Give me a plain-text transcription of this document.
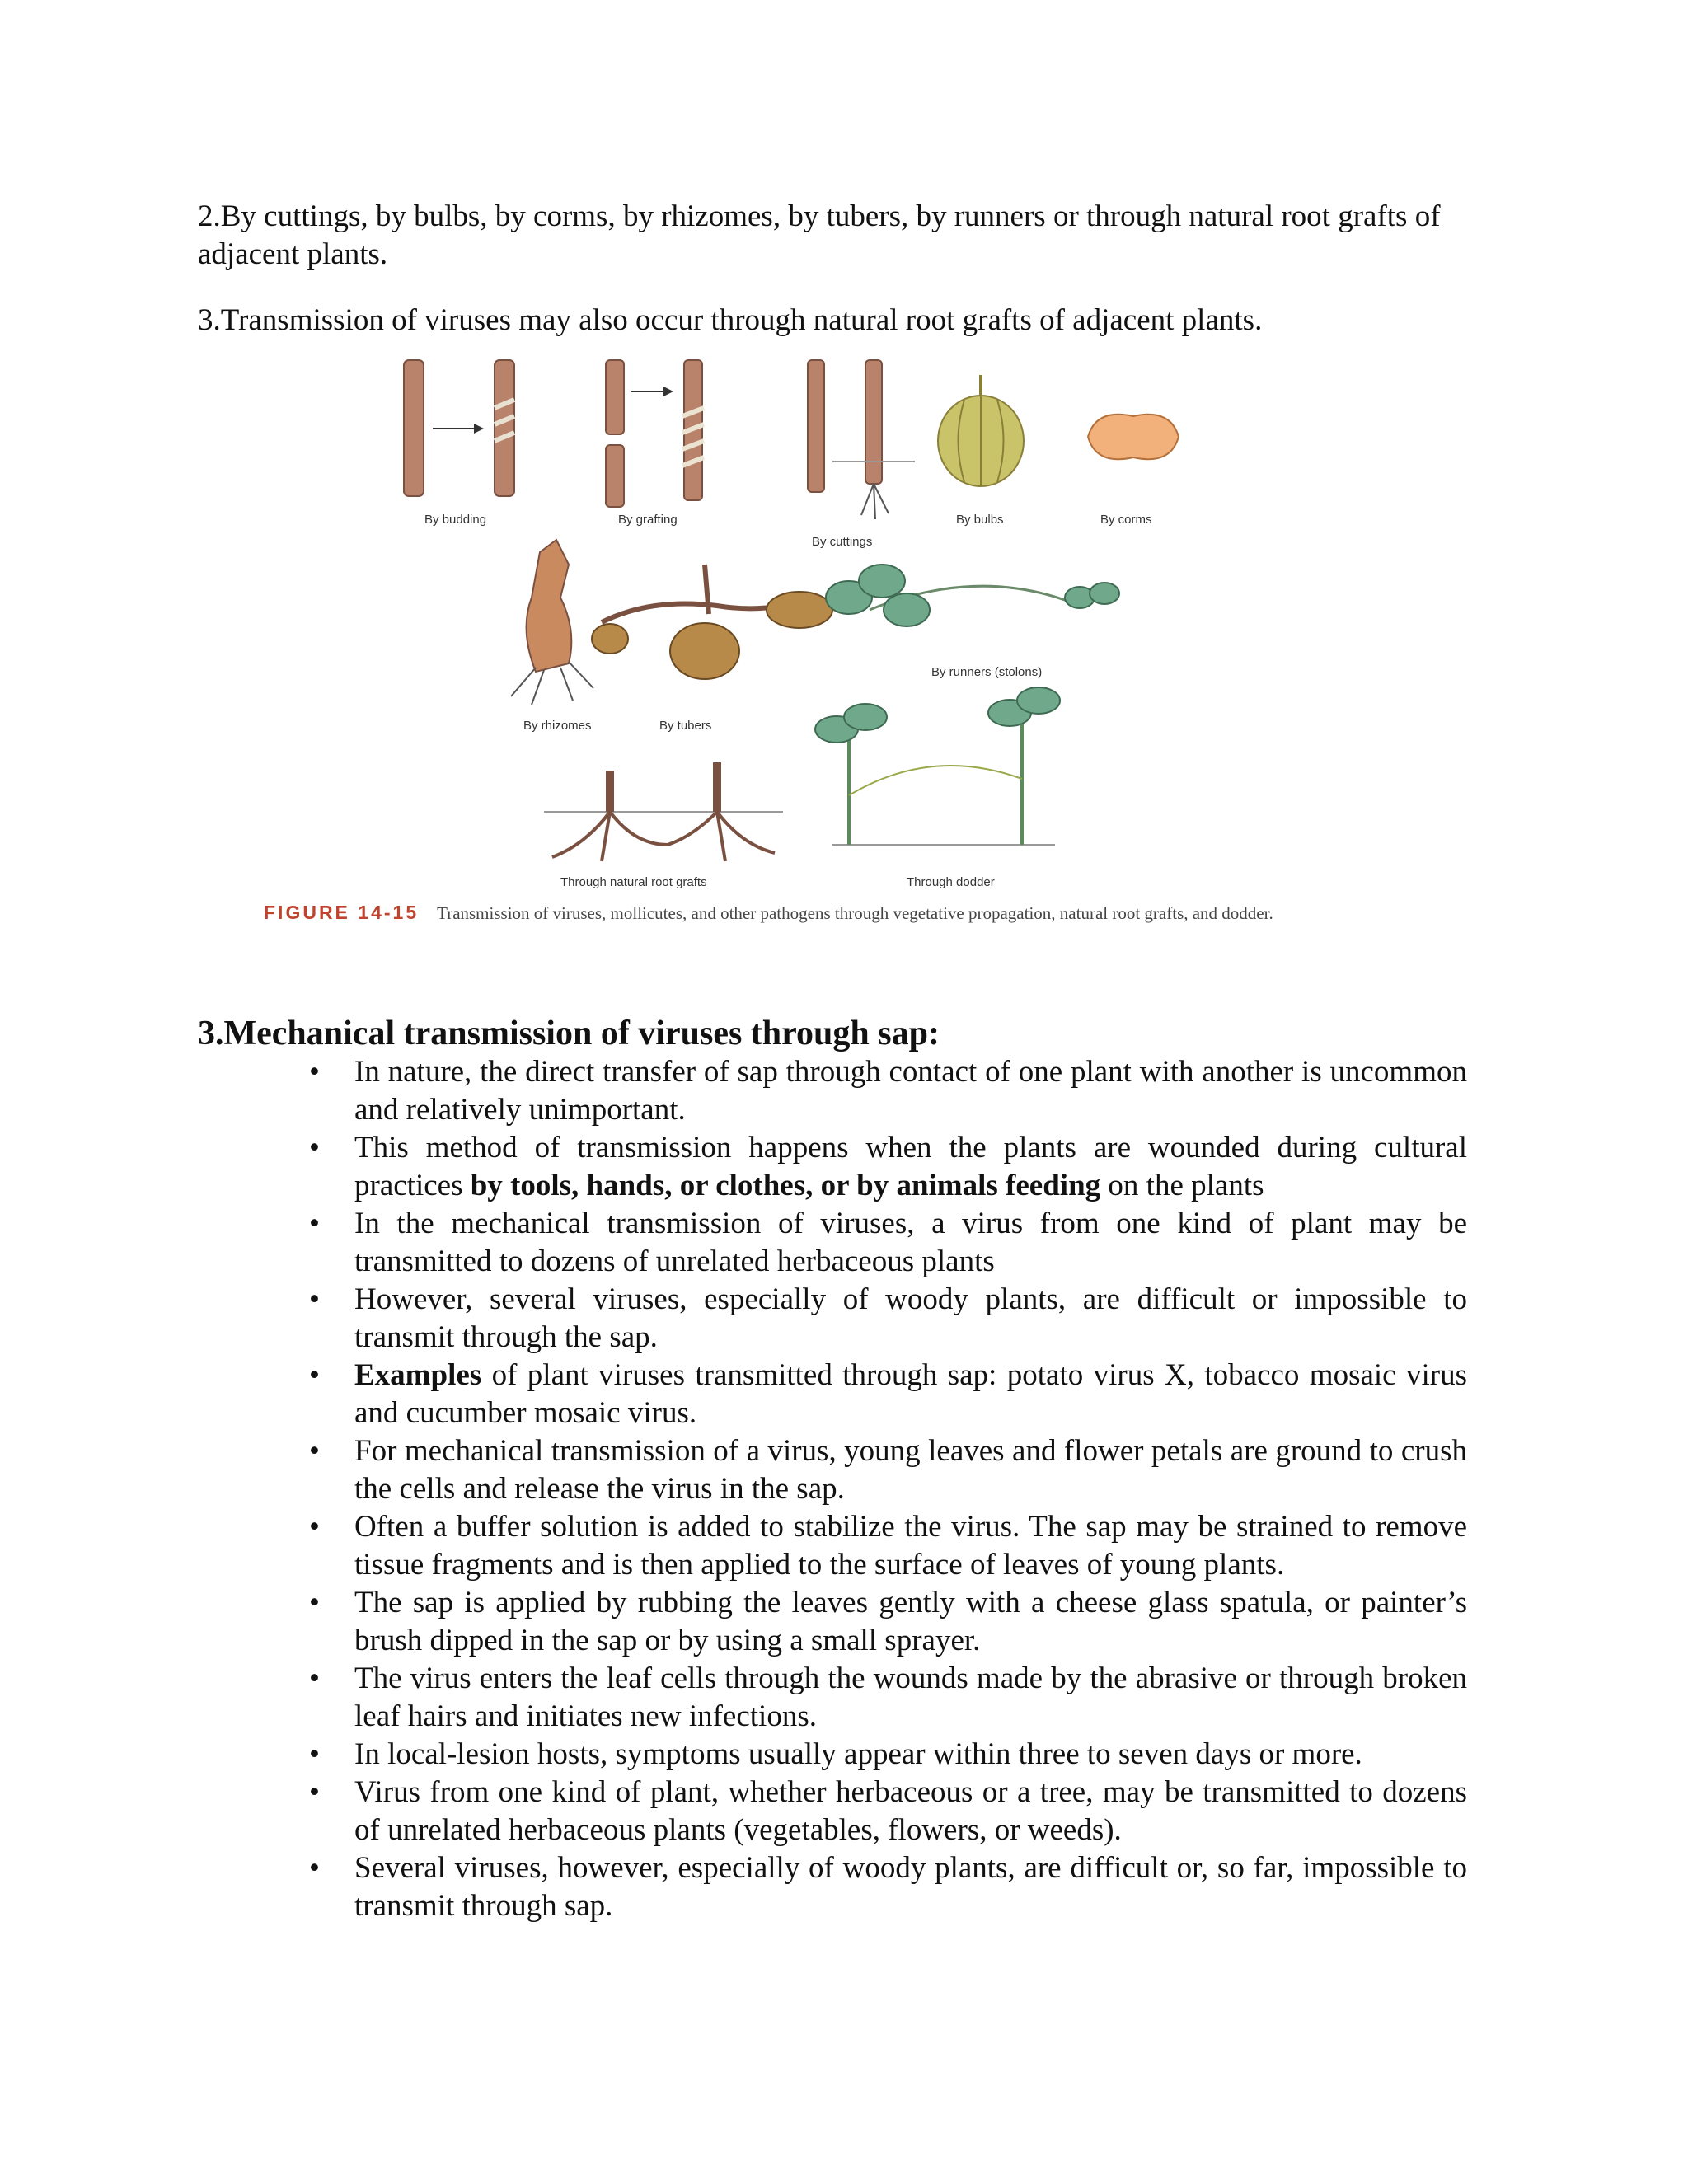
2.By cuttings, by bulbs, by corms, by rhizomes, by tubers, by runners or through natural root grafts of adjacent plants.

3.Transmission of viruses may also occur through natural root grafts of adjacent plants.

By budding	By grafting
By cuttings
By bulbs	By corms
By rhizomes	By tubers
By runners (stolons)
Through natural root grafts	Through dodder
FIGURE 14-15 Transmission of viruses, mollicutes, and other pathogens through vegetative propagation, natural root grafts, and dodder.
3.Mechanical transmission of viruses through sap:
• In nature, the direct transfer of sap through contact of one plant with another is uncommon and relatively unimportant.
• This method of transmission happens when the plants are wounded during cultural practices by tools, hands, or clothes, or by animals feeding on the plants
• In the mechanical transmission of viruses, a virus from one kind of plant may be transmitted to dozens of unrelated herbaceous plants
• However, several viruses, especially of woody plants, are difficult or impossible to transmit through the sap.
• Examples of plant viruses transmitted through sap: potato virus X, tobacco mosaic virus and cucumber mosaic virus.
• For mechanical transmission of a virus, young leaves and flower petals are ground to crush the cells and release the virus in the sap.
• Often a buffer solution is added to stabilize the virus. The sap may be strained to remove tissue fragments and is then applied to the surface of leaves of young plants.
• The sap is applied by rubbing the leaves gently with a cheese glass spatula, or painter’s brush dipped in the sap or by using a small sprayer.
• The virus enters the leaf cells through the wounds made by the abrasive or through broken leaf hairs and initiates new infections.
• In local-lesion hosts, symptoms usually appear within three to seven days or more.
• Virus from one kind of plant, whether herbaceous or a tree, may be transmitted to dozens of unrelated herbaceous plants (vegetables, flowers, or weeds).
• Several viruses, however, especially of woody plants, are difficult or, so far, impossible to transmit through sap.
